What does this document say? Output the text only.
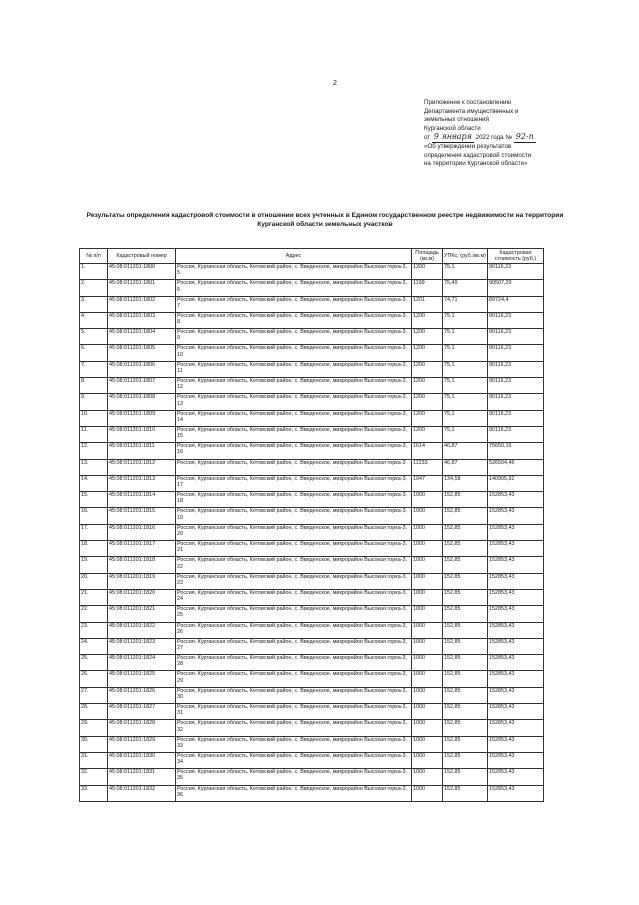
2
Приложение к постановлению
Департамента имущественных и
земельных отношений
Курганской области
от 9 января 2022 года № 92-п
«Об утверждении результатов
определения кадастровой стоимости
на территории Курганской области»
Результаты определения кадастровой стоимости в отношении всех учтенных в Едином государственном реестре недвижимости на территории Курганской области земельных участков
№ п/п	Кадастровый номер	Адрес	Площадь (кв.м)	УПКс, (руб./кв.м)	Кадастровая стоимость (руб.)
1.	45:08:011201:1800	Россия, Курганская область, Кетовский район, с. Введенское, микрорайон Высокая горка-3, 5	1200	75,1	90116,23
2.	45:08:011201:1801	Россия, Курганская область, Кетовский район, с. Введенское, микрорайон Высокая горка-3, 6	1199	75,49	90507,29
3.	45:08:011201:1802	Россия, Курганская область, Кетовский район, с. Введенское, микрорайон Высокая горка-3, 7	1201	74,71	89724,4
4.	45:08:011201:1803	Россия, Курганская область, Кетовский район, с. Введенское, микрорайон Высокая горка-3, 8	1200	75,1	90116,23
5.	45:08:011201:1804	Россия, Курганская область, Кетовский район, с. Введенское, микрорайон Высокая горка-3, 9	1200	75,1	90116,23
6.	45:08:011201:1805	Россия, Курганская область, Кетовский район, с. Введенское, микрорайон Высокая горка-3, 10	1200	75,1	90116,23
7.	45:08:011201:1806	Россия, Курганская область, Кетовский район, с. Введенское, микрорайон Высокая горка-3, 11	1200	75,1	90116,23
8.	45:08:011201:1807	Россия, Курганская область, Кетовский район, с. Введенское, микрорайон Высокая горка-3, 12	1200	75,1	90116,23
9.	45:08:011201:1808	Россия, Курганская область, Кетовский район, с. Введенское, микрорайон Высокая горка-3, 13	1200	75,1	90116,23
10.	45:08:011201:1809	Россия, Курганская область, Кетовский район, с. Введенское, микрорайон Высокая горка-3, 14	1200	75,1	90116,23
11.	45:08:011201:1810	Россия, Курганская область, Кетовский район, с. Введенское, микрорайон Высокая горка-3, 15	1200	75,1	90116,23
12.	45:08:011201:1811	Россия, Курганская область, Кетовский район, с. Введенское, микрорайон Высокая горка-3, 16	1614	46,87	75650,16
13.	45:08:011201:1812	Россия, Курганская область, Кетовский район, с. Введенское, микрорайон Высокая горка-3	11233	46,87	526504,46
14.	45:08:011201:1813	Россия, Курганская область, Кетовский район, с. Введенское, микрорайон Высокая горка-3, 17	1047	134,58	140905,92
15.	45:08:011201:1814	Россия, Курганская область, Кетовский район, с. Введенское, микрорайон Высокая горка-3, 18	1000	152,85	152853,43
16.	45:08:011201:1815	Россия, Курганская область, Кетовский район, с. Введенское, микрорайон Высокая горка-3, 19	1000	152,85	152853,43
17.	45:08:011201:1816	Россия, Курганская область, Кетовский район, с. Введенское, микрорайон Высокая горка-3, 20	1000	152,85	152853,43
18.	45:08:011201:1817	Россия, Курганская область, Кетовский район, с. Введенское, микрорайон Высокая горка-3, 21	1000	152,85	152853,43
19.	45:08:011201:1818	Россия, Курганская область, Кетовский район, с. Введенское, микрорайон Высокая горка-3, 22	1000	152,85	152853,43
20.	45:08:011201:1819	Россия, Курганская область, Кетовский район, с. Введенское, микрорайон Высокая горка-3, 23	1000	152,85	152853,43
21.	45:08:011201:1820	Россия, Курганская область, Кетовский район, с. Введенское, микрорайон Высокая горка-3, 24	1000	152,85	152853,43
22.	45:08:011201:1821	Россия, Курганская область, Кетовский район, с. Введенское, микрорайон Высокая горка-3, 25	1000	152,85	152853,43
23.	45:08:011201:1822	Россия, Курганская область, Кетовский район, с. Введенское, микрорайон Высокая горка-3, 26	1000	152,85	152853,43
24.	45:08:011201:1823	Россия, Курганская область, Кетовский район, с. Введенское, микрорайон Высокая горка-3, 27	1000	152,85	152853,43
25.	45:08:011201:1824	Россия, Курганская область, Кетовский район, с. Введенское, микрорайон Высокая горка-3, 28	1000	152,85	152853,43
26.	45:08:011201:1825	Россия, Курганская область, Кетовский район, с. Введенское, микрорайон Высокая горка-3, 29	1000	152,85	152853,43
27.	45:08:011201:1826	Россия, Курганская область, Кетовский район, с. Введенское, микрорайон Высокая горка-3, 30	1000	152,85	152853,43
28.	45:08:011201:1827	Россия, Курганская область, Кетовский район, с. Введенское, микрорайон Высокая горка-3, 31	1000	152,85	152853,43
29.	45:08:011201:1828	Россия, Курганская область, Кетовский район, с. Введенское, микрорайон Высокая горка-3, 32	1000	152,85	152853,43
30.	45:08:011201:1829	Россия, Курганская область, Кетовский район, с. Введенское, микрорайон Высокая горка-3, 33	1000	152,85	152853,43
31.	45:08:011201:1830	Россия, Курганская область, Кетовский район, с. Введенское, микрорайон Высокая горка-3, 34	1000	152,85	152853,43
32.	45:08:011201:1831	Россия, Курганская область, Кетовский район, с. Введенское, микрорайон Высокая горка-3, 35	1000	152,85	152853,43
33.	45:08:011201:1832	Россия, Курганская область, Кетовский район, с. Введенское, микрорайон Высокая горка-3, 36	1000	152,85	152853,43
